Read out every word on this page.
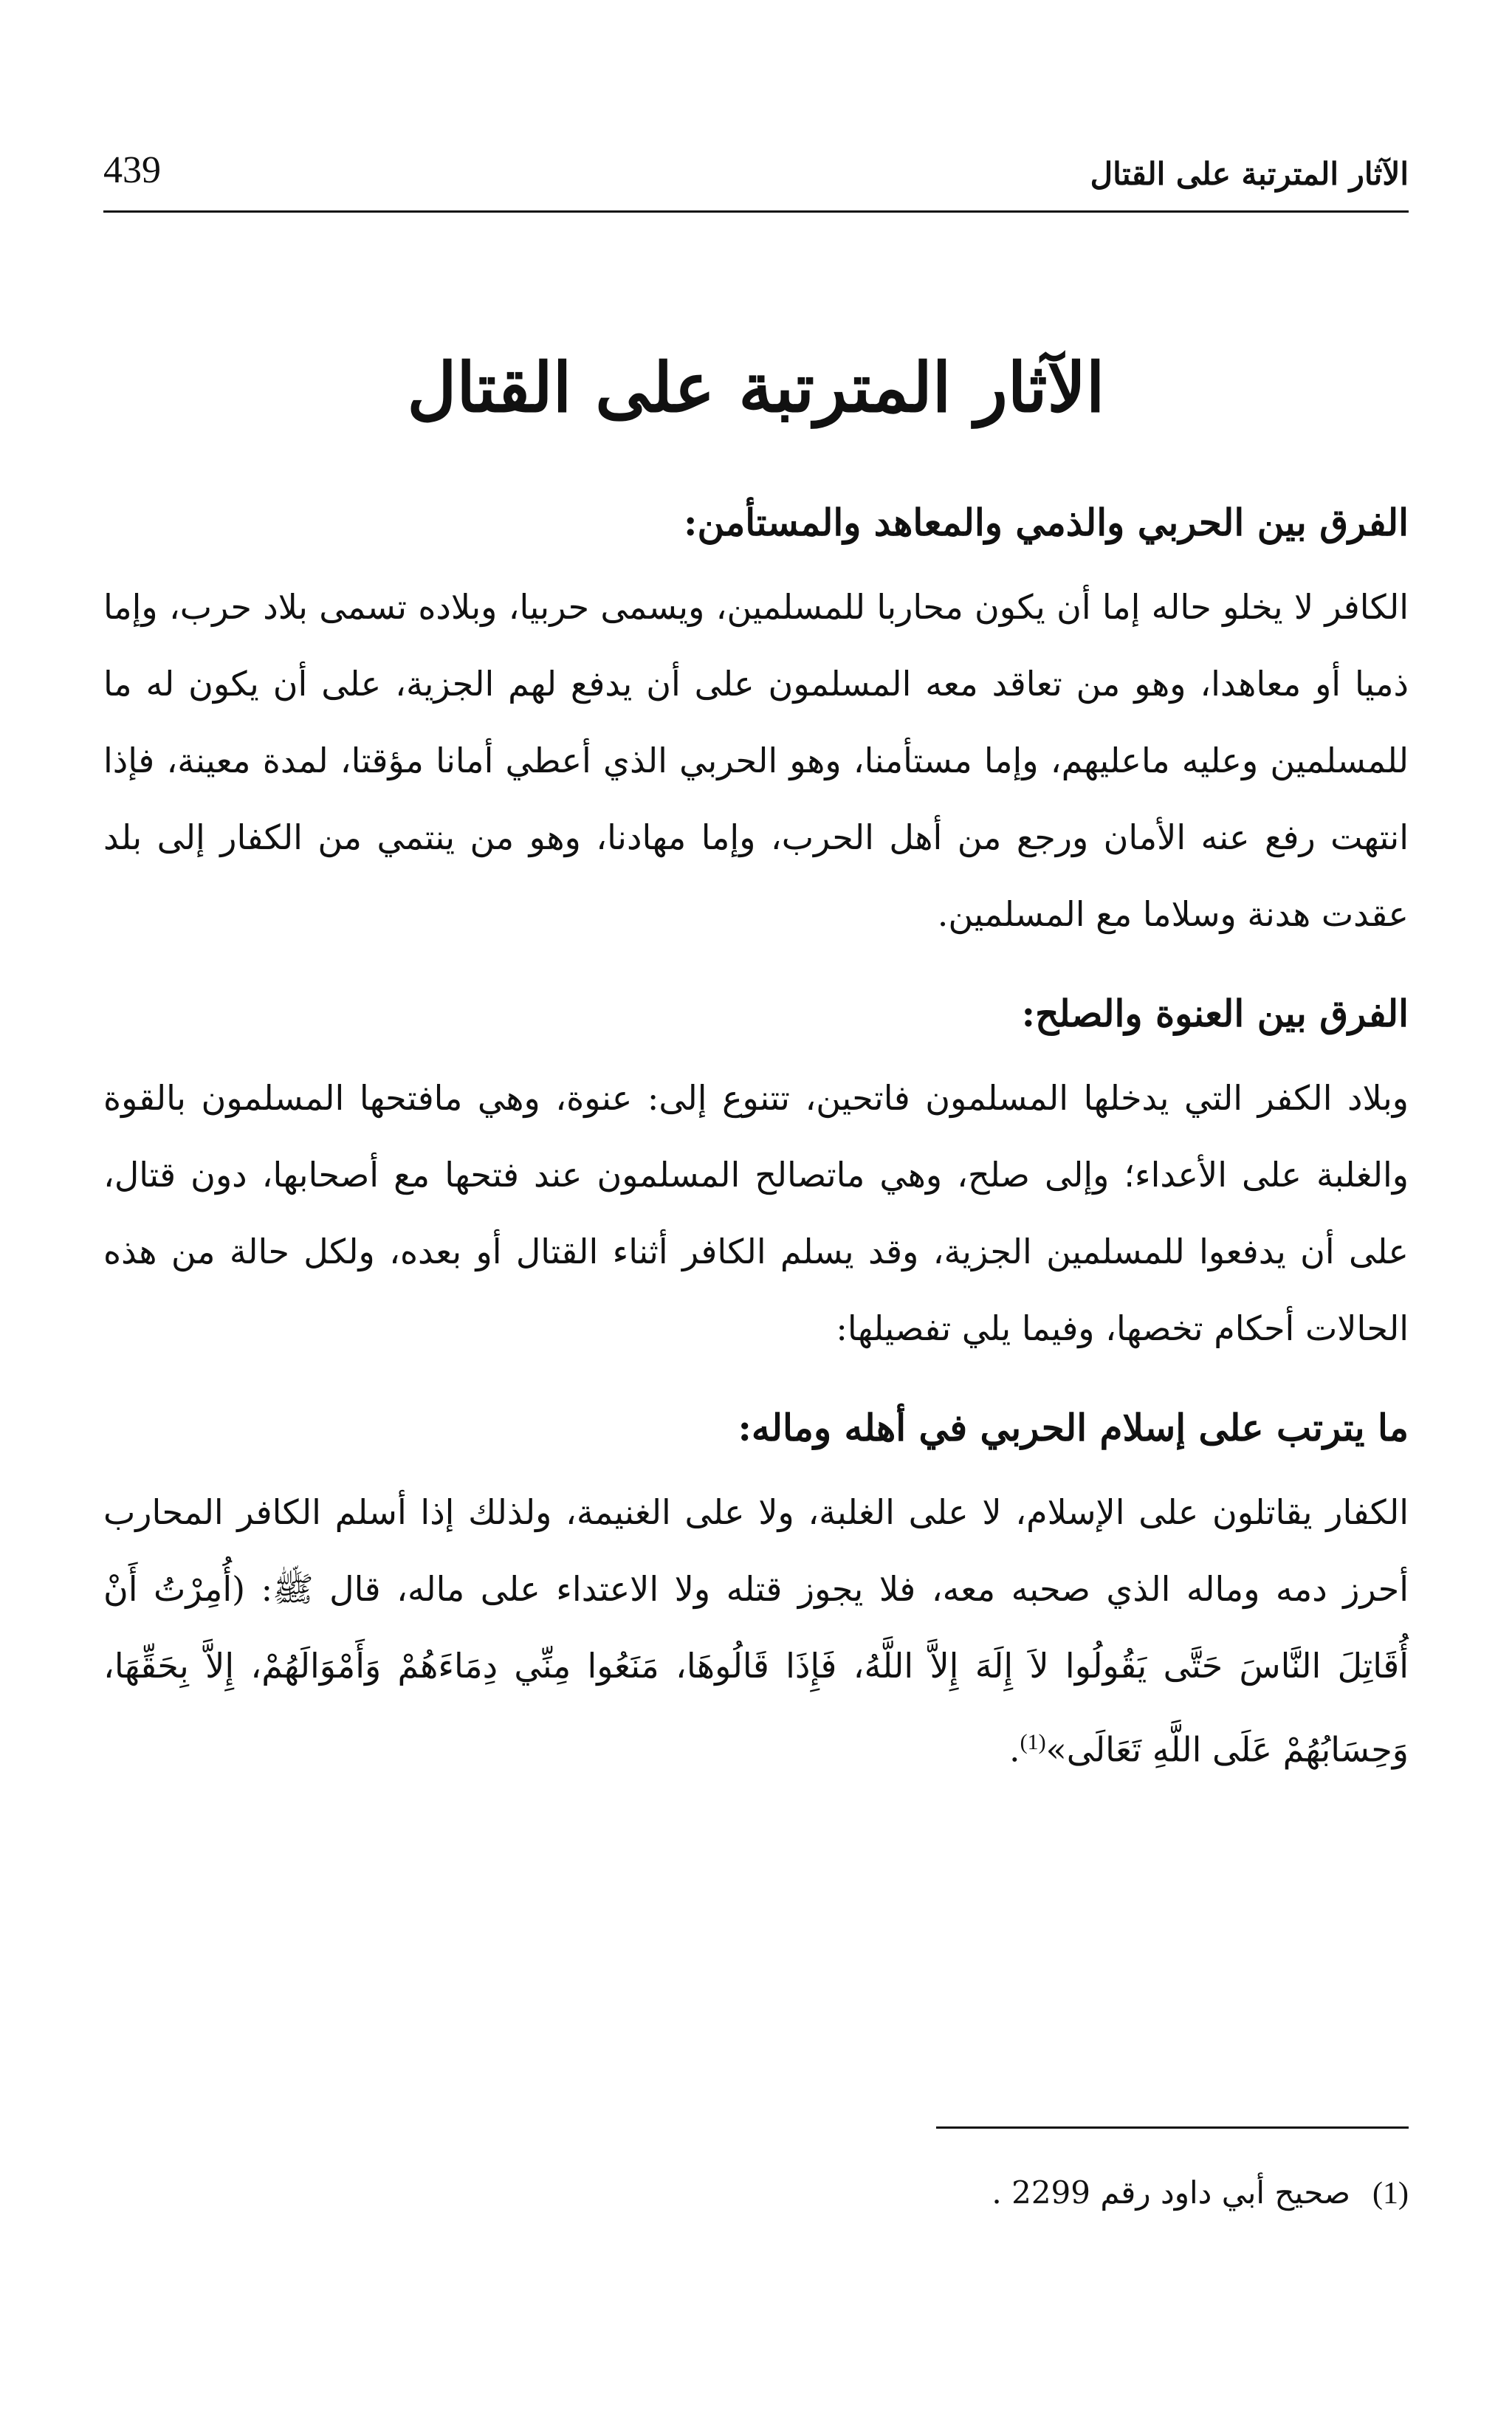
الآثار المترتبة على القتال
439
الآثار المترتبة على القتال
الفرق بين الحربي والذمي والمعاهد والمستأمن:

الكافر لا يخلو حاله إما أن يكون محاربا للمسلمين، ويسمى حربيا، وبلاده تسمى بلاد حرب، وإما ذميا أو معاهدا، وهو من تعاقد معه المسلمون على أن يدفع لهم الجزية، على أن يكون له ما للمسلمين وعليه ماعليهم، وإما مستأمنا، وهو الحربي الذي أعطي أمانا مؤقتا، لمدة معينة، فإذا انتهت رفع عنه الأمان ورجع من أهل الحرب، وإما مهادنا، وهو من ينتمي من الكفار إلى بلد عقدت هدنة وسلاما مع المسلمين.

الفرق بين العنوة والصلح:

وبلاد الكفر التي يدخلها المسلمون فاتحين، تتنوع إلى: عنوة، وهي مافتحها المسلمون بالقوة والغلبة على الأعداء؛ وإلى صلح، وهي ماتصالح المسلمون عند فتحها مع أصحابها، دون قتال، على أن يدفعوا للمسلمين الجزية، وقد يسلم الكافر أثناء القتال أو بعده، ولكل حالة من هذه الحالات أحكام تخصها، وفيما يلي تفصيلها:

ما يترتب على إسلام الحربي في أهله وماله:

الكفار يقاتلون على الإسلام، لا على الغلبة، ولا على الغنيمة، ولذلك إذا أسلم الكافر المحارب أحرز دمه وماله الذي صحبه معه، فلا يجوز قتله ولا الاعتداء على ماله، قال ﷺ: (أُمِرْتُ أَنْ أُقَاتِلَ النَّاسَ حَتَّى يَقُولُوا لاَ إِلَهَ إِلاَّ اللَّهُ، فَإِذَا قَالُوهَا، مَنَعُوا مِنِّي دِمَاءَهُمْ وَأَمْوَالَهُمْ، إِلاَّ بِحَقِّهَا، وَحِسَابُهُمْ عَلَى اللَّهِ تَعَالَى»$^{(1)}$.

(1)
صحيح أبي داود رقم 2299 .
